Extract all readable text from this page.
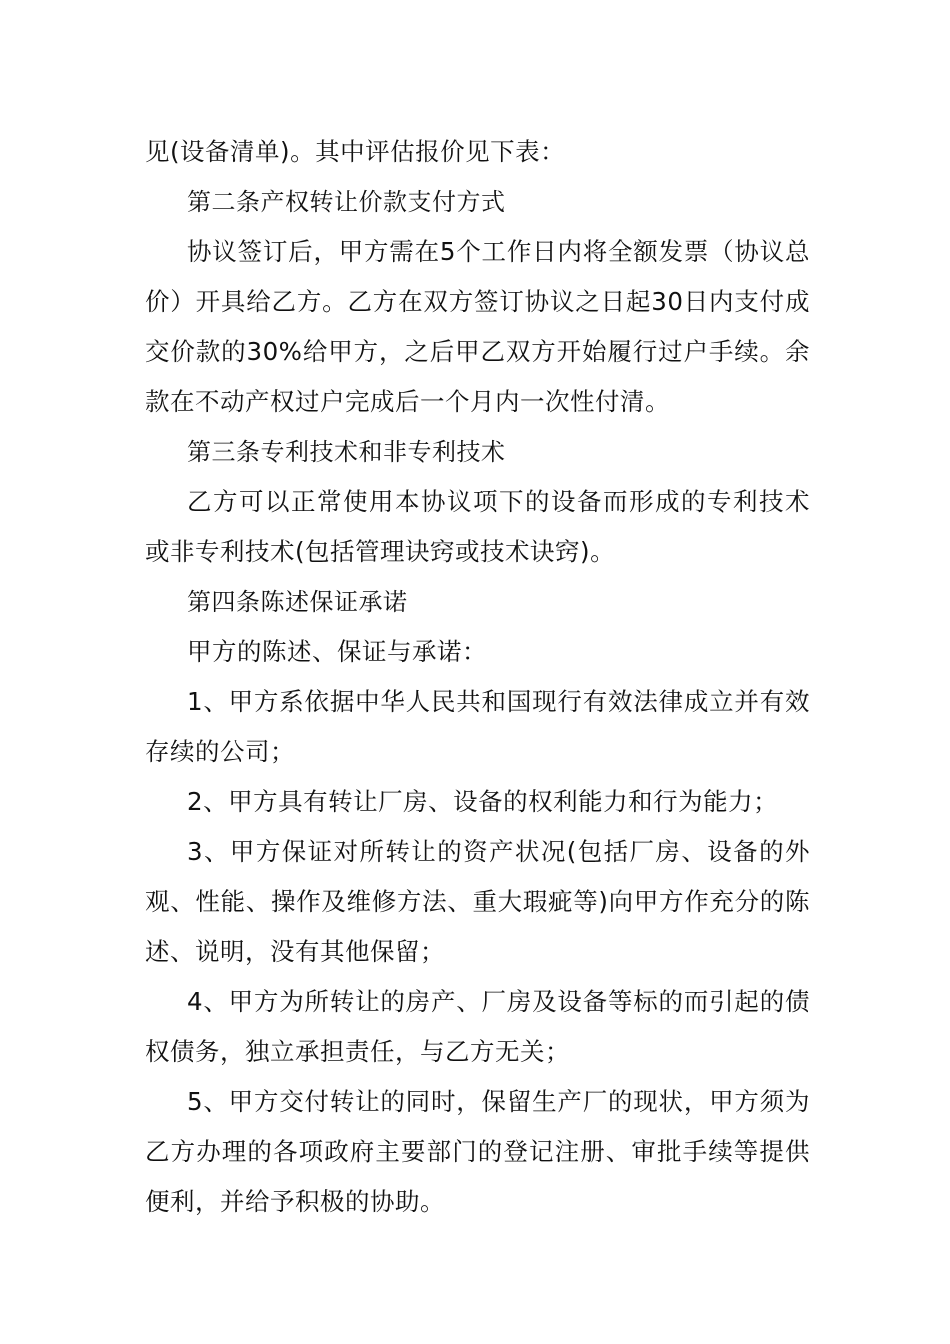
见(设备清单)。其中评估报价见下表：

第二条产权转让价款支付方式

协议签订后，甲方需在5个工作日内将全额发票（协议总价）开具给乙方。乙方在双方签订协议之日起30日内支付成交价款的30%给甲方，之后甲乙双方开始履行过户手续。余款在不动产权过户完成后一个月内一次性付清。

第三条专利技术和非专利技术

乙方可以正常使用本协议项下的设备而形成的专利技术或非专利技术(包括管理诀窍或技术诀窍)。

第四条陈述保证承诺

甲方的陈述、保证与承诺：

1、甲方系依据中华人民共和国现行有效法律成立并有效存续的公司；

2、甲方具有转让厂房、设备的权利能力和行为能力；

3、甲方保证对所转让的资产状况(包括厂房、设备的外观、性能、操作及维修方法、重大瑕疵等)向甲方作充分的陈述、说明，没有其他保留；

4、甲方为所转让的房产、厂房及设备等标的而引起的债权债务，独立承担责任，与乙方无关；

5、甲方交付转让的同时，保留生产厂的现状，甲方须为乙方办理的各项政府主要部门的登记注册、审批手续等提供便利，并给予积极的协助。
